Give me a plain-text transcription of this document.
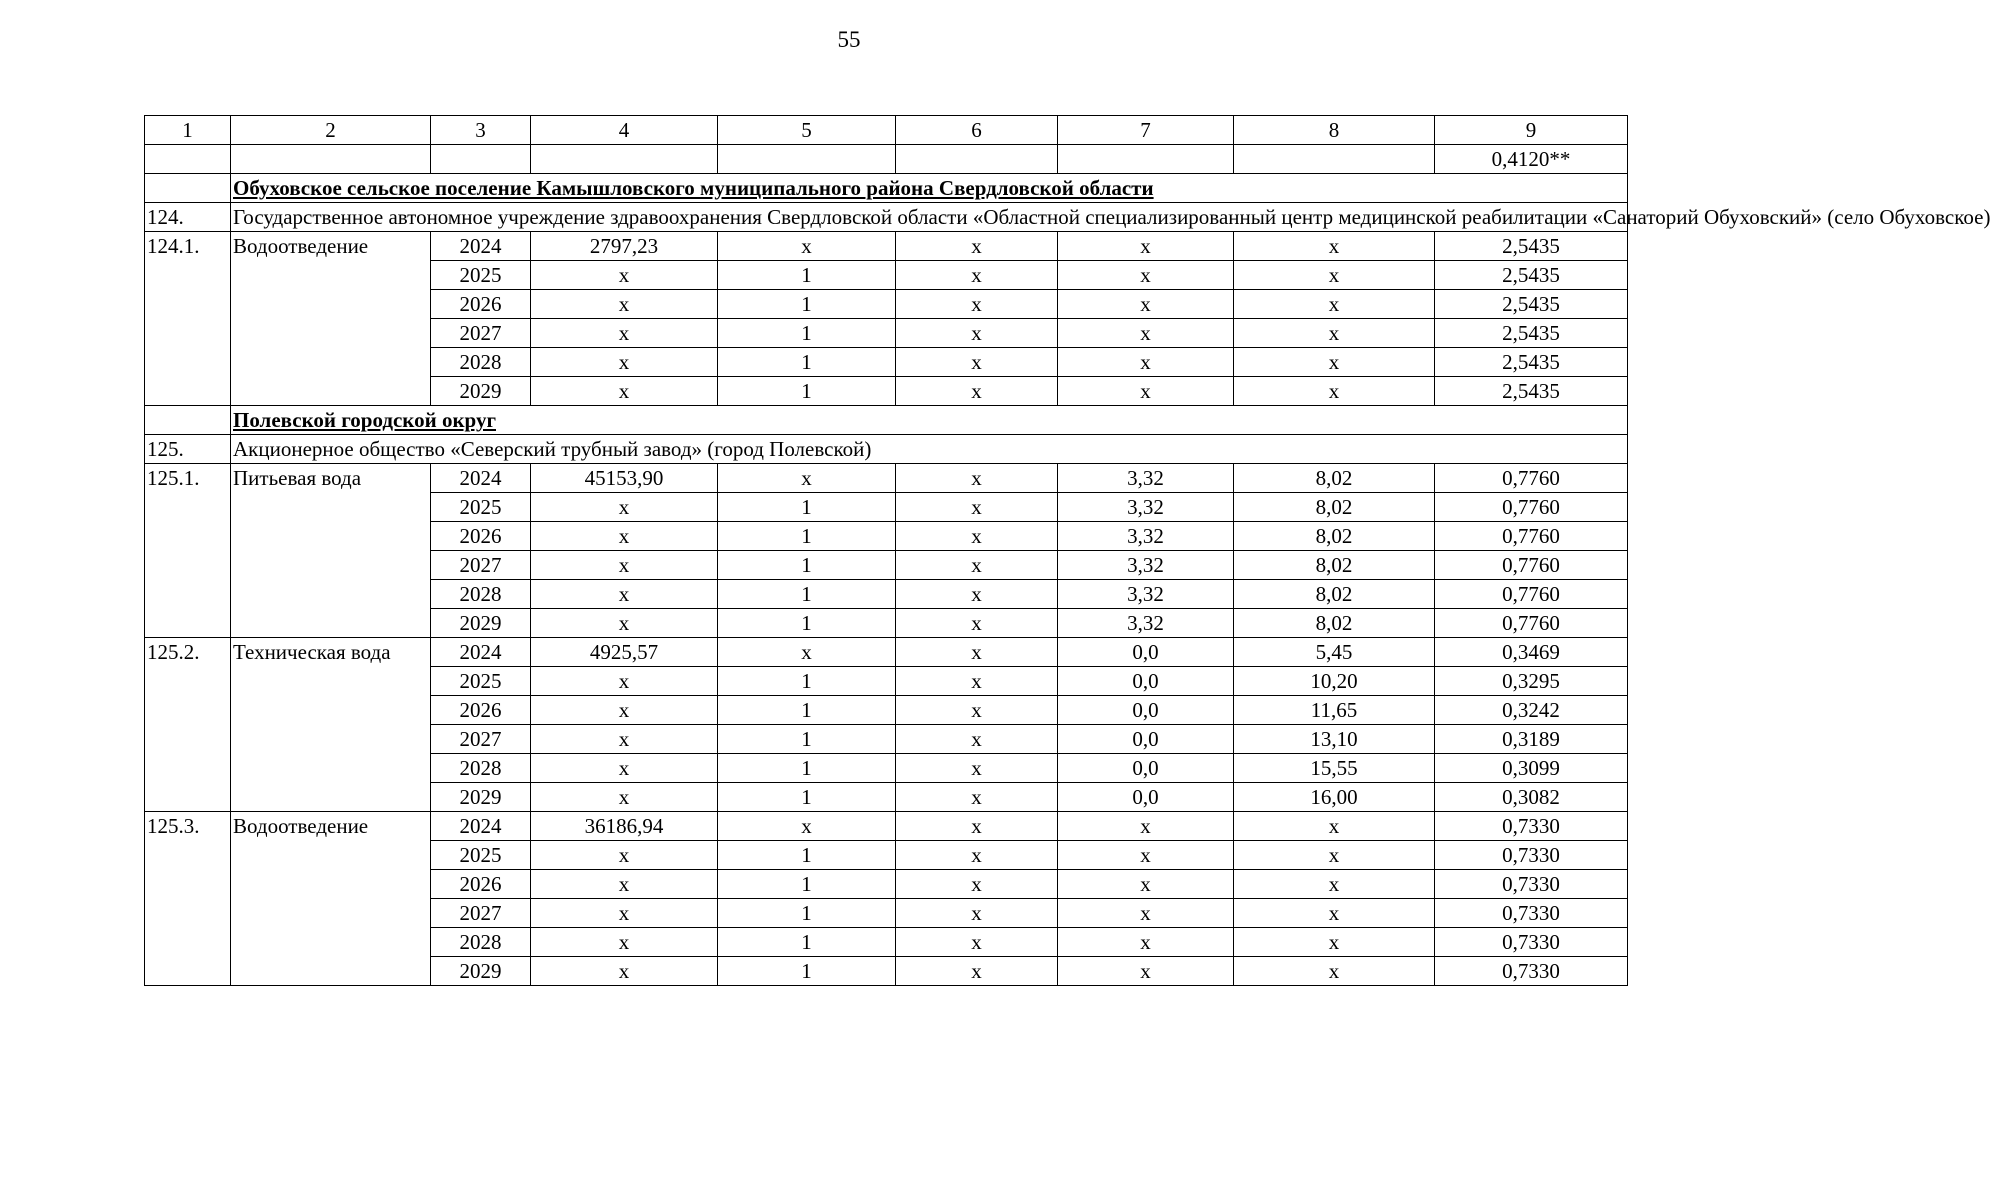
55
1	2	3	4	5	6	7	8	9
								0,4120**
	Обуховское сельское поселение Камышловского муниципального района Свердловской области							
124.	Государственное автономное учреждение здравоохранения Свердловской области «Областной специализированный центр медицинской реабилитации «Санаторий Обуховский» (село Обуховское)							
124.1.	Водоотведение	2024	2797,23	х	х	х	х	2,5435
		2025	х	1	х	х	х	2,5435
		2026	х	1	х	х	х	2,5435
		2027	х	1	х	х	х	2,5435
		2028	х	1	х	х	х	2,5435
		2029	х	1	х	х	х	2,5435
	Полевской городской округ							
125.	Акционерное общество «Северский трубный завод» (город Полевской)							
125.1.	Питьевая вода	2024	45153,90	х	х	3,32	8,02	0,7760
		2025	х	1	х	3,32	8,02	0,7760
		2026	х	1	х	3,32	8,02	0,7760
		2027	х	1	х	3,32	8,02	0,7760
		2028	х	1	х	3,32	8,02	0,7760
		2029	х	1	х	3,32	8,02	0,7760
125.2.	Техническая вода	2024	4925,57	х	х	0,0	5,45	0,3469
		2025	х	1	х	0,0	10,20	0,3295
		2026	х	1	х	0,0	11,65	0,3242
		2027	х	1	х	0,0	13,10	0,3189
		2028	х	1	х	0,0	15,55	0,3099
		2029	х	1	х	0,0	16,00	0,3082
125.3.	Водоотведение	2024	36186,94	х	х	х	х	0,7330
		2025	х	1	х	х	х	0,7330
		2026	х	1	х	х	х	0,7330
		2027	х	1	х	х	х	0,7330
		2028	х	1	х	х	х	0,7330
		2029	х	1	х	х	х	0,7330
